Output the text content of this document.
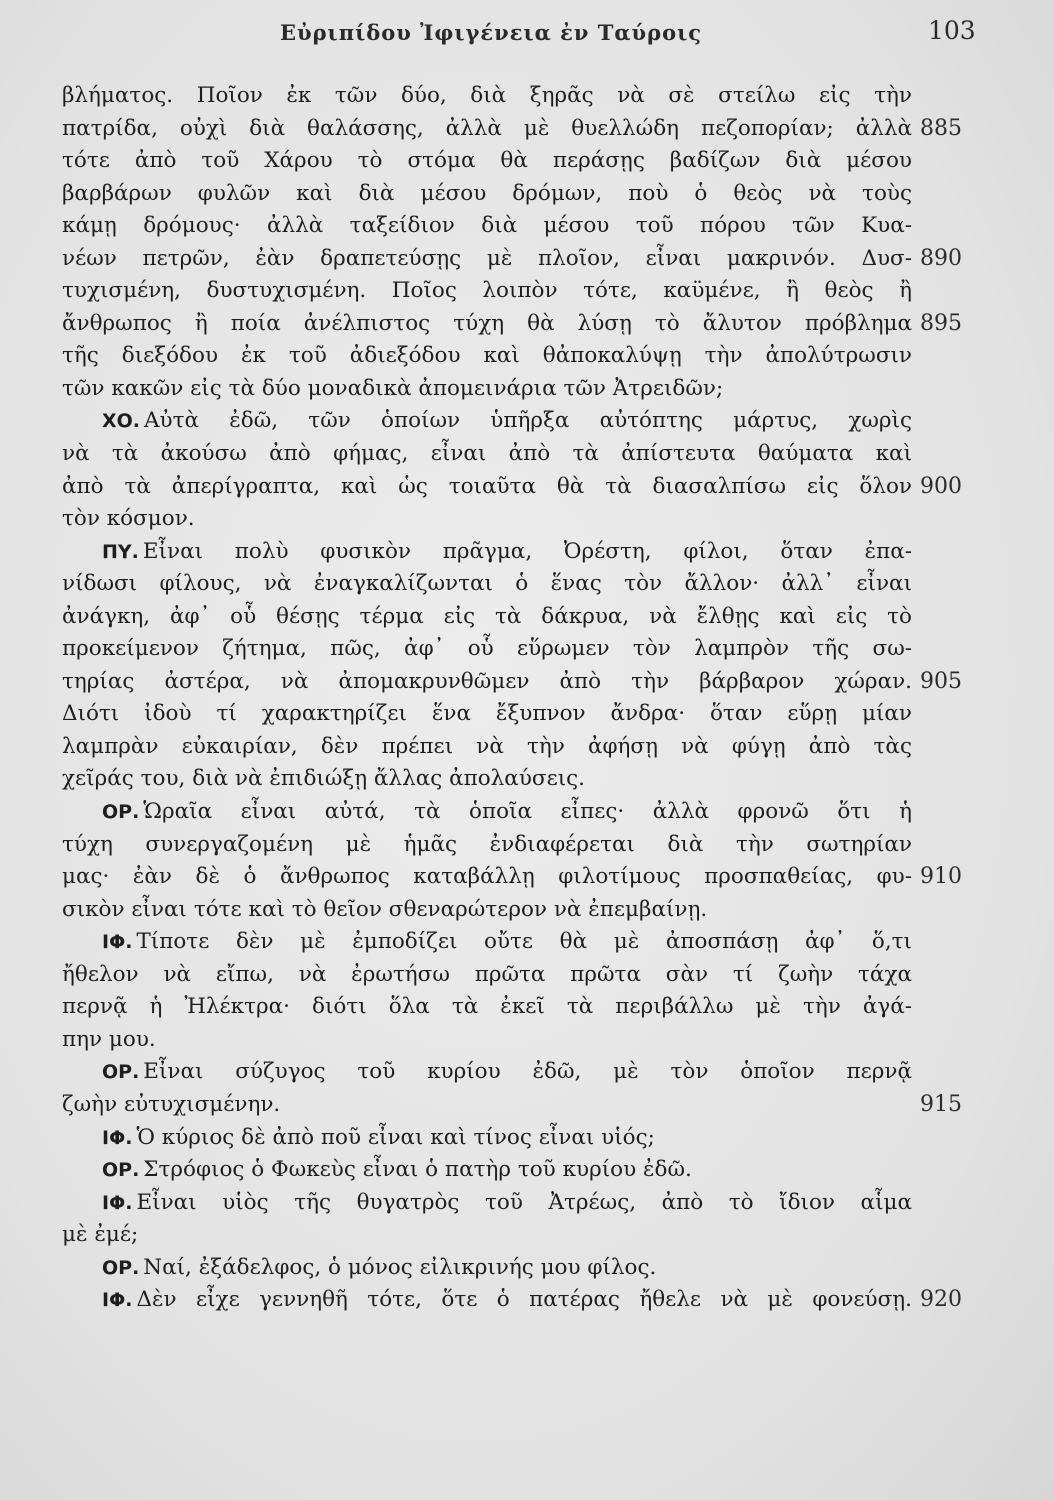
Εὐριπίδου Ἰφιγένεια ἐν Ταύροις	103
βλήματος. Ποῖον ἐκ τῶν δύο, διὰ ξηρᾶς νὰ σὲ στείλω εἰς τὴν
πατρίδα, οὐχὶ διὰ θαλάσσης, ἀλλὰ μὲ θυελλώδη πεζοπορίαν; ἀλλὰ 885
τότε ἀπὸ τοῦ Χάρου τὸ στόμα θὰ περάσῃς βαδίζων διὰ μέσου
βαρβάρων φυλῶν καὶ διὰ μέσου δρόμων, ποὺ ὁ θεὸς νὰ τοὺς
κάμῃ δρόμους· ἀλλὰ ταξείδιον διὰ μέσου τοῦ πόρου τῶν Κυα-
νέων πετρῶν, ἐὰν δραπετεύσῃς μὲ πλοῖον, εἶναι μακρινόν. Δυσ- 890
τυχισμένη, δυστυχισμένη. Ποῖος λοιπὸν τότε, καϋμένε, ἢ θεὸς ἢ
ἄνθρωπος ἢ ποία ἀνέλπιστος τύχη θὰ λύσῃ τὸ ἄλυτον πρόβλημα 895
τῆς διεξόδου ἐκ τοῦ ἀδιεξόδου καὶ θἀποκαλύψῃ τὴν ἀπολύτρωσιν
τῶν κακῶν εἰς τὰ δύο μοναδικὰ ἀπομεινάρια τῶν Ἀτρειδῶν;
ΧΟ. Αὐτὰ ἐδῶ, τῶν ὁποίων ὑπῆρξα αὐτόπτης μάρτυς, χωρὶς
νὰ τὰ ἀκούσω ἀπὸ φήμας, εἶναι ἀπὸ τὰ ἀπίστευτα θαύματα καὶ
ἀπὸ τὰ ἀπερίγραπτα, καὶ ὡς τοιαῦτα θὰ τὰ διασαλπίσω εἰς ὅλον 900
τὸν κόσμον.
ΠΥ. Εἶναι πολὺ φυσικὸν πρᾶγμα, Ὀρέστη, φίλοι, ὅταν ἐπα-
νίδωσι φίλους, νὰ ἐναγκαλίζωνται ὁ ἕνας τὸν ἄλλον· ἀλλ᾽ εἶναι
ἀνάγκη, ἀφ᾽ οὗ θέσῃς τέρμα εἰς τὰ δάκρυα, νὰ ἔλθῃς καὶ εἰς τὸ
προκείμενον ζήτημα, πῶς, ἀφ᾽ οὗ εὕρωμεν τὸν λαμπρὸν τῆς σω-
τηρίας ἀστέρα, νὰ ἀπομακρυνθῶμεν ἀπὸ τὴν βάρβαρον χώραν. 905
Διότι ἰδοὺ τί χαρακτηρίζει ἕνα ἔξυπνον ἄνδρα· ὅταν εὕρῃ μίαν
λαμπρὰν εὐκαιρίαν, δὲν πρέπει νὰ τὴν ἀφήσῃ νὰ φύγῃ ἀπὸ τὰς
χεῖράς του, διὰ νὰ ἐπιδιώξῃ ἄλλας ἀπολαύσεις.
ΟΡ. Ὡραῖα εἶναι αὐτά, τὰ ὁποῖα εἶπες· ἀλλὰ φρονῶ ὅτι ἡ
τύχη συνεργαζομένη μὲ ἡμᾶς ἐνδιαφέρεται διὰ τὴν σωτηρίαν
μας· ἐὰν δὲ ὁ ἄνθρωπος καταβάλλῃ φιλοτίμους προσπαθείας, φυ- 910
σικὸν εἶναι τότε καὶ τὸ θεῖον σθεναρώτερον νὰ ἐπεμβαίνῃ.
ΙΦ. Τίποτε δὲν μὲ ἐμποδίζει οὔτε θὰ μὲ ἀποσπάσῃ ἀφ᾽ ὅ,τι
ἤθελον νὰ εἴπω, νὰ ἐρωτήσω πρῶτα πρῶτα σὰν τί ζωὴν τάχα
περνᾷ ἡ Ἠλέκτρα· διότι ὅλα τὰ ἐκεῖ τὰ περιβάλλω μὲ τὴν ἀγά-
πην μου.
ΟΡ. Εἶναι σύζυγος τοῦ κυρίου ἐδῶ, μὲ τὸν ὁποῖον περνᾷ
ζωὴν εὐτυχισμένην.	915
ΙΦ. Ὁ κύριος δὲ ἀπὸ ποῦ εἶναι καὶ τίνος εἶναι υἱός;
ΟΡ. Στρόφιος ὁ Φωκεὺς εἶναι ὁ πατὴρ τοῦ κυρίου ἐδῶ.
ΙΦ. Εἶναι υἱὸς τῆς θυγατρὸς τοῦ Ἀτρέως, ἀπὸ τὸ ἴδιον αἷμα
μὲ ἐμέ;
ΟΡ. Ναί, ἐξάδελφος, ὁ μόνος εἰλικρινής μου φίλος.
ΙΦ. Δὲν εἶχε γεννηθῆ τότε, ὅτε ὁ πατέρας ἤθελε νὰ μὲ φονεύσῃ. 920
